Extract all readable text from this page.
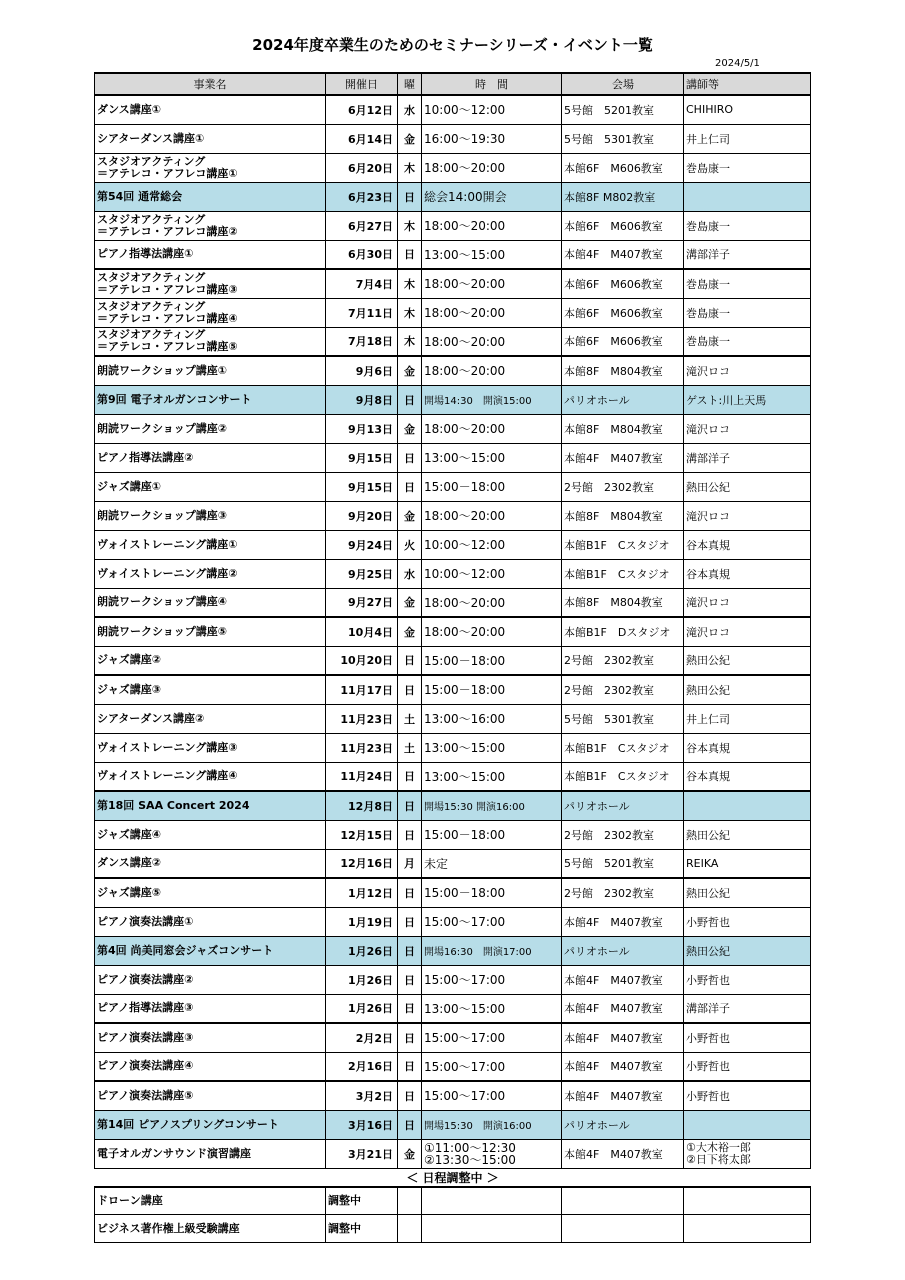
2024年度卒業生のためのセミナーシリーズ・イベント一覧
2024/5/1
事業名	開催日	曜	時　間	会場	講師等
ダンス講座①	6月12日	水	10:00～12:00	5号館　5201教室	CHIHIRO
シアターダンス講座①	6月14日	金	16:00～19:30	5号館　5301教室	井上仁司
スタジオアクティング
＝アテレコ・アフレコ講座①	6月20日	木	18:00～20:00	本館6F　M606教室	巻島康一
第54回 通常総会	6月23日	日	総会14:00開会	本館8F M802教室	
スタジオアクティング
＝アテレコ・アフレコ講座②	6月27日	木	18:00～20:00	本館6F　M606教室	巻島康一
ピアノ指導法講座①	6月30日	日	13:00～15:00	本館4F　M407教室	溝部洋子
スタジオアクティング
＝アテレコ・アフレコ講座③	7月4日	木	18:00～20:00	本館6F　M606教室	巻島康一
スタジオアクティング
＝アテレコ・アフレコ講座④	7月11日	木	18:00～20:00	本館6F　M606教室	巻島康一
スタジオアクティング
＝アテレコ・アフレコ講座⑤	7月18日	木	18:00～20:00	本館6F　M606教室	巻島康一
朗読ワークショップ講座①	9月6日	金	18:00～20:00	本館8F　M804教室	滝沢ロコ
第9回 電子オルガンコンサート	9月8日	日	開場14:30　開演15:00	パリオホール	ゲスト:川上天馬
朗読ワークショップ講座②	9月13日	金	18:00～20:00	本館8F　M804教室	滝沢ロコ
ピアノ指導法講座②	9月15日	日	13:00～15:00	本館4F　M407教室	溝部洋子
ジャズ講座①	9月15日	日	15:00－18:00	2号館　2302教室	熱田公紀
朗読ワークショップ講座③	9月20日	金	18:00～20:00	本館8F　M804教室	滝沢ロコ
ヴォイストレーニング講座①	9月24日	火	10:00～12:00	本館B1F　Cスタジオ	谷本真規
ヴォイストレーニング講座②	9月25日	水	10:00～12:00	本館B1F　Cスタジオ	谷本真規
朗読ワークショップ講座④	9月27日	金	18:00～20:00	本館8F　M804教室	滝沢ロコ
朗読ワークショップ講座⑤	10月4日	金	18:00～20:00	本館B1F　Dスタジオ	滝沢ロコ
ジャズ講座②	10月20日	日	15:00－18:00	2号館　2302教室	熱田公紀
ジャズ講座③	11月17日	日	15:00－18:00	2号館　2302教室	熱田公紀
シアターダンス講座②	11月23日	土	13:00～16:00	5号館　5301教室	井上仁司
ヴォイストレーニング講座③	11月23日	土	13:00～15:00	本館B1F　Cスタジオ	谷本真規
ヴォイストレーニング講座④	11月24日	日	13:00～15:00	本館B1F　Cスタジオ	谷本真規
第18回 SAA Concert 2024	12月8日	日	開場15:30 開演16:00	パリオホール	
ジャズ講座④	12月15日	日	15:00－18:00	2号館　2302教室	熱田公紀
ダンス講座②	12月16日	月	未定	5号館　5201教室	REIKA
ジャズ講座⑤	1月12日	日	15:00－18:00	2号館　2302教室	熱田公紀
ピアノ演奏法講座①	1月19日	日	15:00～17:00	本館4F　M407教室	小野哲也
第4回 尚美同窓会ジャズコンサート	1月26日	日	開場16:30　開演17:00	パリオホール	熱田公紀
ピアノ演奏法講座②	1月26日	日	15:00～17:00	本館4F　M407教室	小野哲也
ピアノ指導法講座③	1月26日	日	13:00～15:00	本館4F　M407教室	溝部洋子
ピアノ演奏法講座③	2月2日	日	15:00～17:00	本館4F　M407教室	小野哲也
ピアノ演奏法講座④	2月16日	日	15:00～17:00	本館4F　M407教室	小野哲也
ピアノ演奏法講座⑤	3月2日	日	15:00～17:00	本館4F　M407教室	小野哲也
第14回 ピアノスプリングコンサート	3月16日	日	開場15:30　開演16:00	パリオホール	
電子オルガンサウンド演習講座	3月21日	金	①11:00～12:30
②13:30～15:00	本館4F　M407教室	①大木裕一郎
②日下将太郎
＜ 日程調整中 ＞					
ドローン講座	調整中				
ビジネス著作権上級受験講座	調整中				
